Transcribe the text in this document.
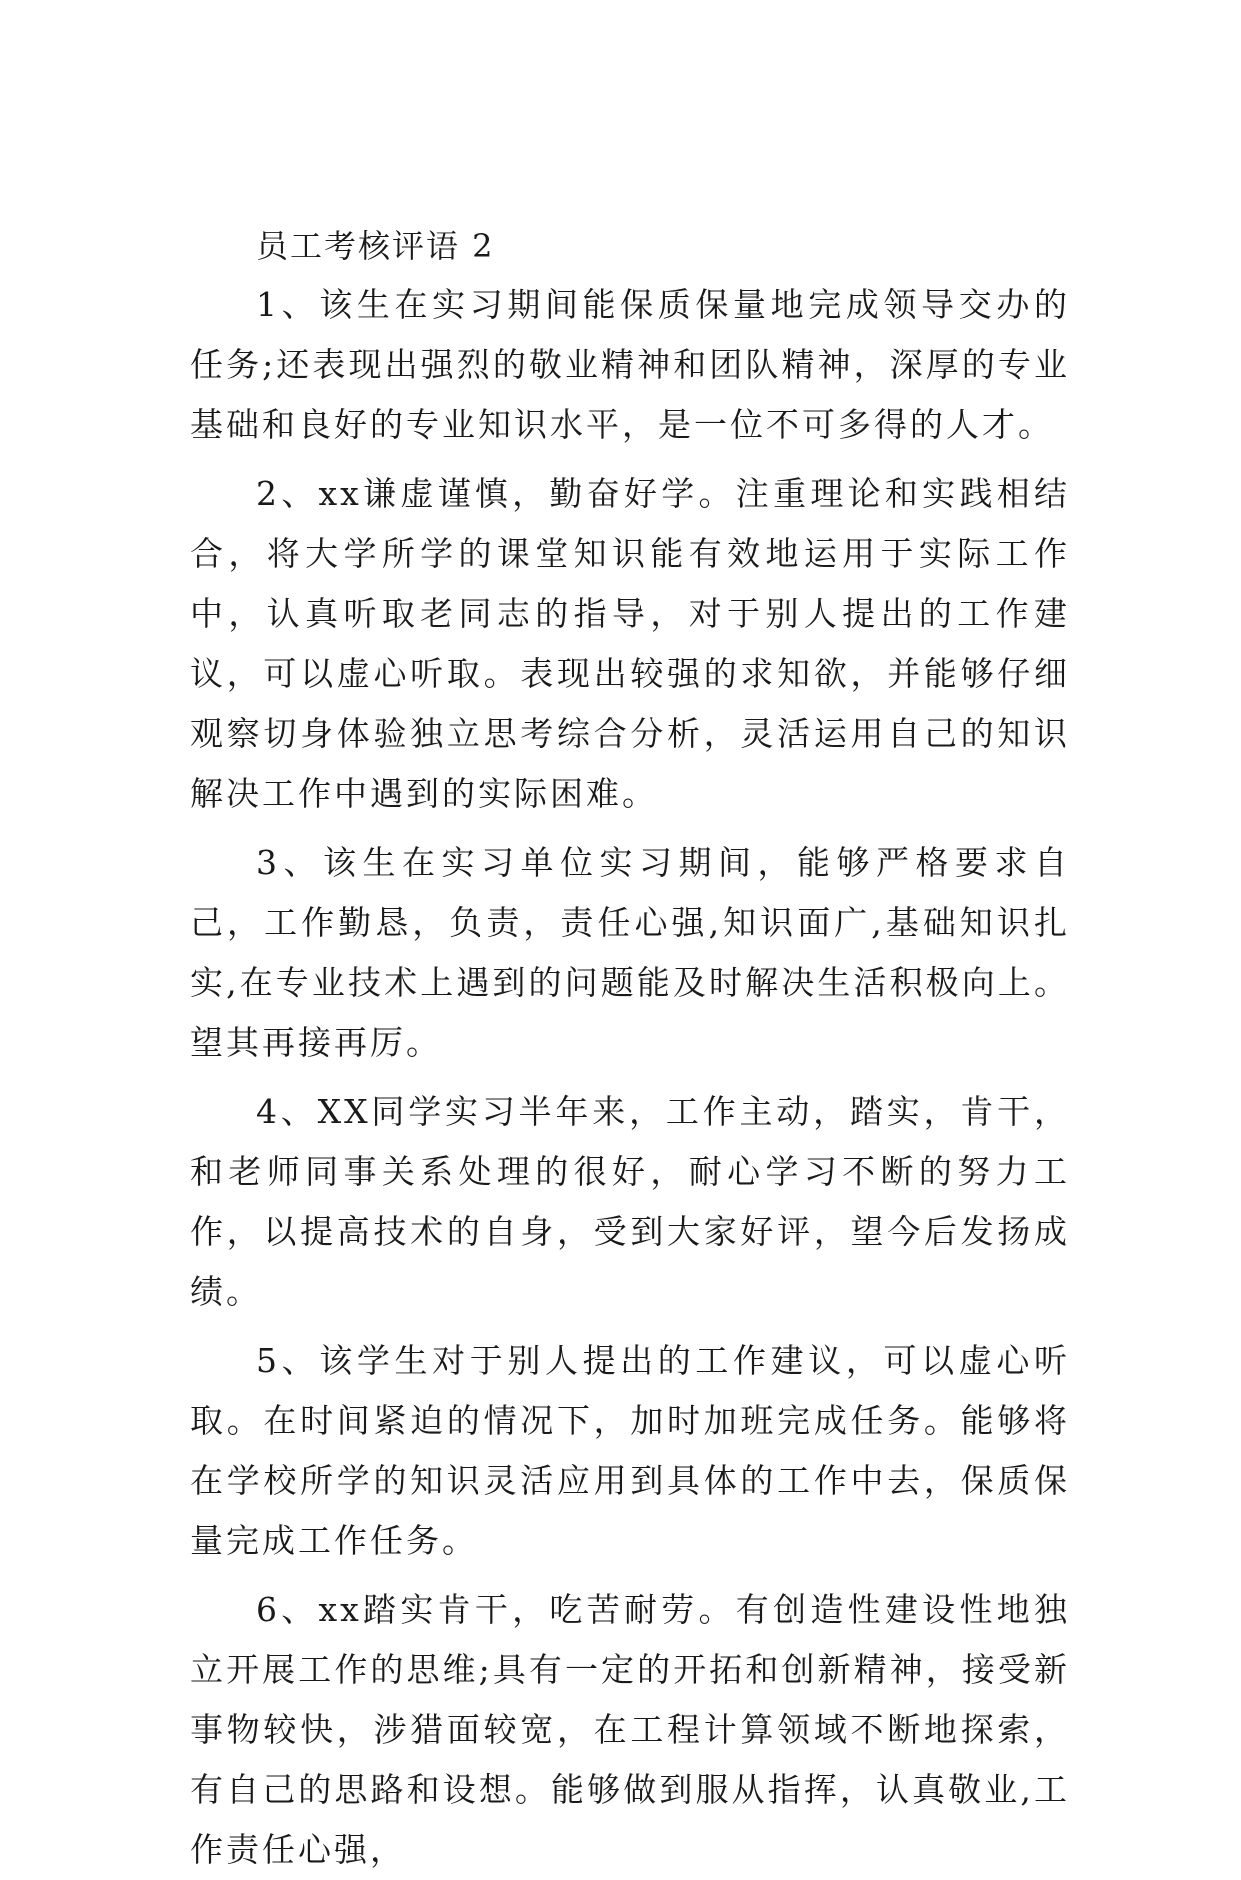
员工考核评语 2

1、该生在实习期间能保质保量地完成领导交办的任务;还表现出强烈的敬业精神和团队精神，深厚的专业基础和良好的专业知识水平，是一位不可多得的人才。

2、xx谦虚谨慎，勤奋好学。注重理论和实践相结合，将大学所学的课堂知识能有效地运用于实际工作中，认真听取老同志的指导，对于别人提出的工作建议，可以虚心听取。表现出较强的求知欲，并能够仔细观察切身体验独立思考综合分析，灵活运用自己的知识解决工作中遇到的实际困难。

3、该生在实习单位实习期间，能够严格要求自己，工作勤恳，负责，责任心强,知识面广,基础知识扎实,在专业技术上遇到的问题能及时解决生活积极向上。望其再接再厉。

4、XX同学实习半年来，工作主动，踏实，肯干，和老师同事关系处理的很好，耐心学习不断的努力工作，以提高技术的自身，受到大家好评，望今后发扬成绩。

5、该学生对于别人提出的工作建议，可以虚心听取。在时间紧迫的情况下，加时加班完成任务。能够将在学校所学的知识灵活应用到具体的工作中去，保质保量完成工作任务。

6、xx踏实肯干，吃苦耐劳。有创造性建设性地独立开展工作的思维;具有一定的开拓和创新精神，接受新事物较快，涉猎面较宽，在工程计算领域不断地探索，有自己的思路和设想。能够做到服从指挥，认真敬业,工作责任心强，
